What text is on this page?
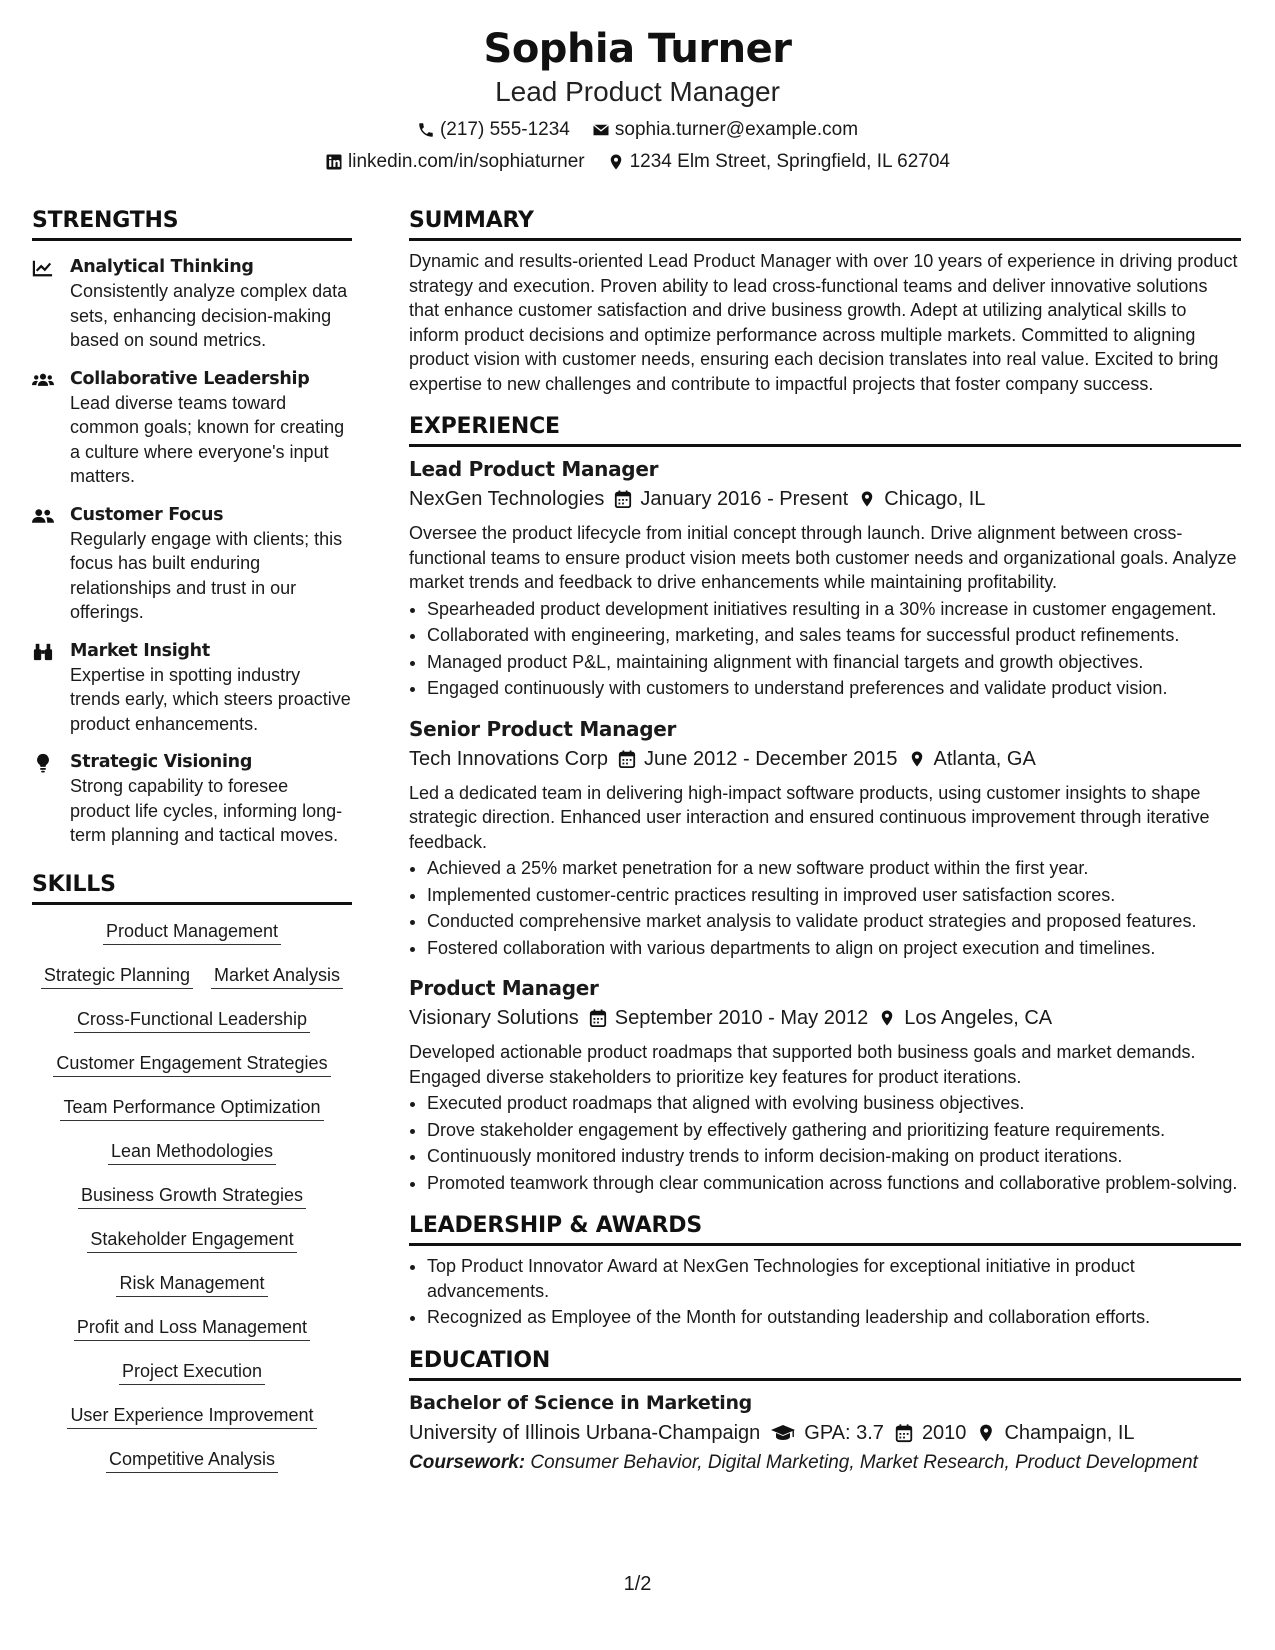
Sophia Turner
Lead Product Manager
(217) 555-1234 sophia.turner@example.com
linkedin.com/in/sophiaturner 1234 Elm Street, Springfield, IL 62704
STRENGTHS
Analytical Thinking
Consistently analyze complex data sets, enhancing decision-making based on sound metrics.
Collaborative Leadership
Lead diverse teams toward common goals; known for creating a culture where everyone's input matters.
Customer Focus
Regularly engage with clients; this focus has built enduring relationships and trust in our offerings.
Market Insight
Expertise in spotting industry trends early, which steers proactive product enhancements.
Strategic Visioning
Strong capability to foresee product life cycles, informing long-term planning and tactical moves.
SKILLS
Product Management
Strategic Planning Market Analysis
Cross-Functional Leadership
Customer Engagement Strategies
Team Performance Optimization
Lean Methodologies
Business Growth Strategies
Stakeholder Engagement
Risk Management
Profit and Loss Management
Project Execution
User Experience Improvement
Competitive Analysis
SUMMARY
Dynamic and results-oriented Lead Product Manager with over 10 years of experience in driving product strategy and execution. Proven ability to lead cross-functional teams and deliver innovative solutions that enhance customer satisfaction and drive business growth. Adept at utilizing analytical skills to inform product decisions and optimize performance across multiple markets. Committed to aligning product vision with customer needs, ensuring each decision translates into real value. Excited to bring expertise to new challenges and contribute to impactful projects that foster company success.
EXPERIENCE
Lead Product Manager
NexGen Technologies January 2016 - Present Chicago, IL
Oversee the product lifecycle from initial concept through launch. Drive alignment between cross-functional teams to ensure product vision meets both customer needs and organizational goals. Analyze market trends and feedback to drive enhancements while maintaining profitability.
• Spearheaded product development initiatives resulting in a 30% increase in customer engagement.
• Collaborated with engineering, marketing, and sales teams for successful product refinements.
• Managed product P&L, maintaining alignment with financial targets and growth objectives.
• Engaged continuously with customers to understand preferences and validate product vision.
Senior Product Manager
Tech Innovations Corp June 2012 - December 2015 Atlanta, GA
Led a dedicated team in delivering high-impact software products, using customer insights to shape strategic direction. Enhanced user interaction and ensured continuous improvement through iterative feedback.
• Achieved a 25% market penetration for a new software product within the first year.
• Implemented customer-centric practices resulting in improved user satisfaction scores.
• Conducted comprehensive market analysis to validate product strategies and proposed features.
• Fostered collaboration with various departments to align on project execution and timelines.
Product Manager
Visionary Solutions September 2010 - May 2012 Los Angeles, CA
Developed actionable product roadmaps that supported both business goals and market demands. Engaged diverse stakeholders to prioritize key features for product iterations.
• Executed product roadmaps that aligned with evolving business objectives.
• Drove stakeholder engagement by effectively gathering and prioritizing feature requirements.
• Continuously monitored industry trends to inform decision-making on product iterations.
• Promoted teamwork through clear communication across functions and collaborative problem-solving.
LEADERSHIP & AWARDS
• Top Product Innovator Award at NexGen Technologies for exceptional initiative in product advancements.
• Recognized as Employee of the Month for outstanding leadership and collaboration efforts.
EDUCATION
Bachelor of Science in Marketing
University of Illinois Urbana-Champaign GPA: 3.7 2010 Champaign, IL
Coursework: Consumer Behavior, Digital Marketing, Market Research, Product Development
1/2
